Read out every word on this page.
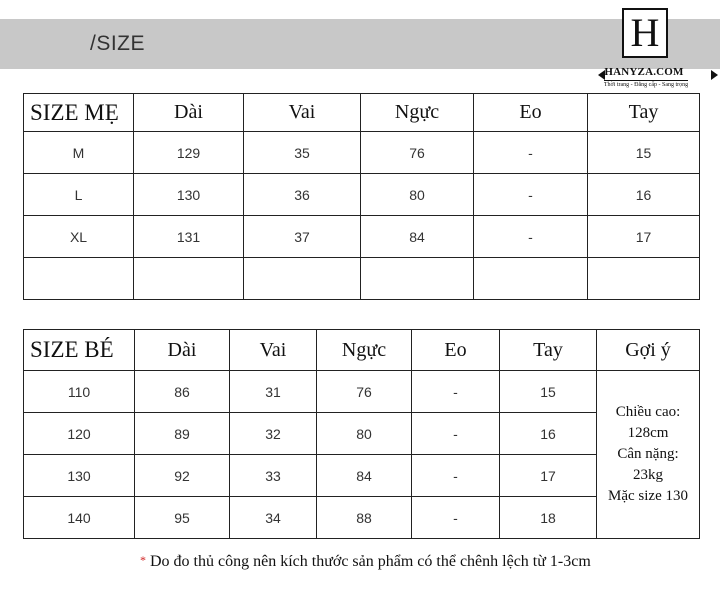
/SIZE	H
HANYZA.COM
Thời trang - Đẳng cấp - Sang trọng
SIZE MẸ	Dài	Vai	Ngực	Eo	Tay
M	129	35	76	-	15
L	130	36	80	-	16
XL	131	37	84	-	17

SIZE BÉ	Dài	Vai	Ngực	Eo	Tay	Gợi ý
110	86	31	76	-	15	Chiều cao:
128cm
Cân nặng:
23kg
Mặc size 130

120	89	32	80	-	16	
130	92	33	84	-	17	
140	95	34	88	-	18	
* Do đo thủ công nên kích thước sản phẩm có thể chênh lệch từ 1-3cm
